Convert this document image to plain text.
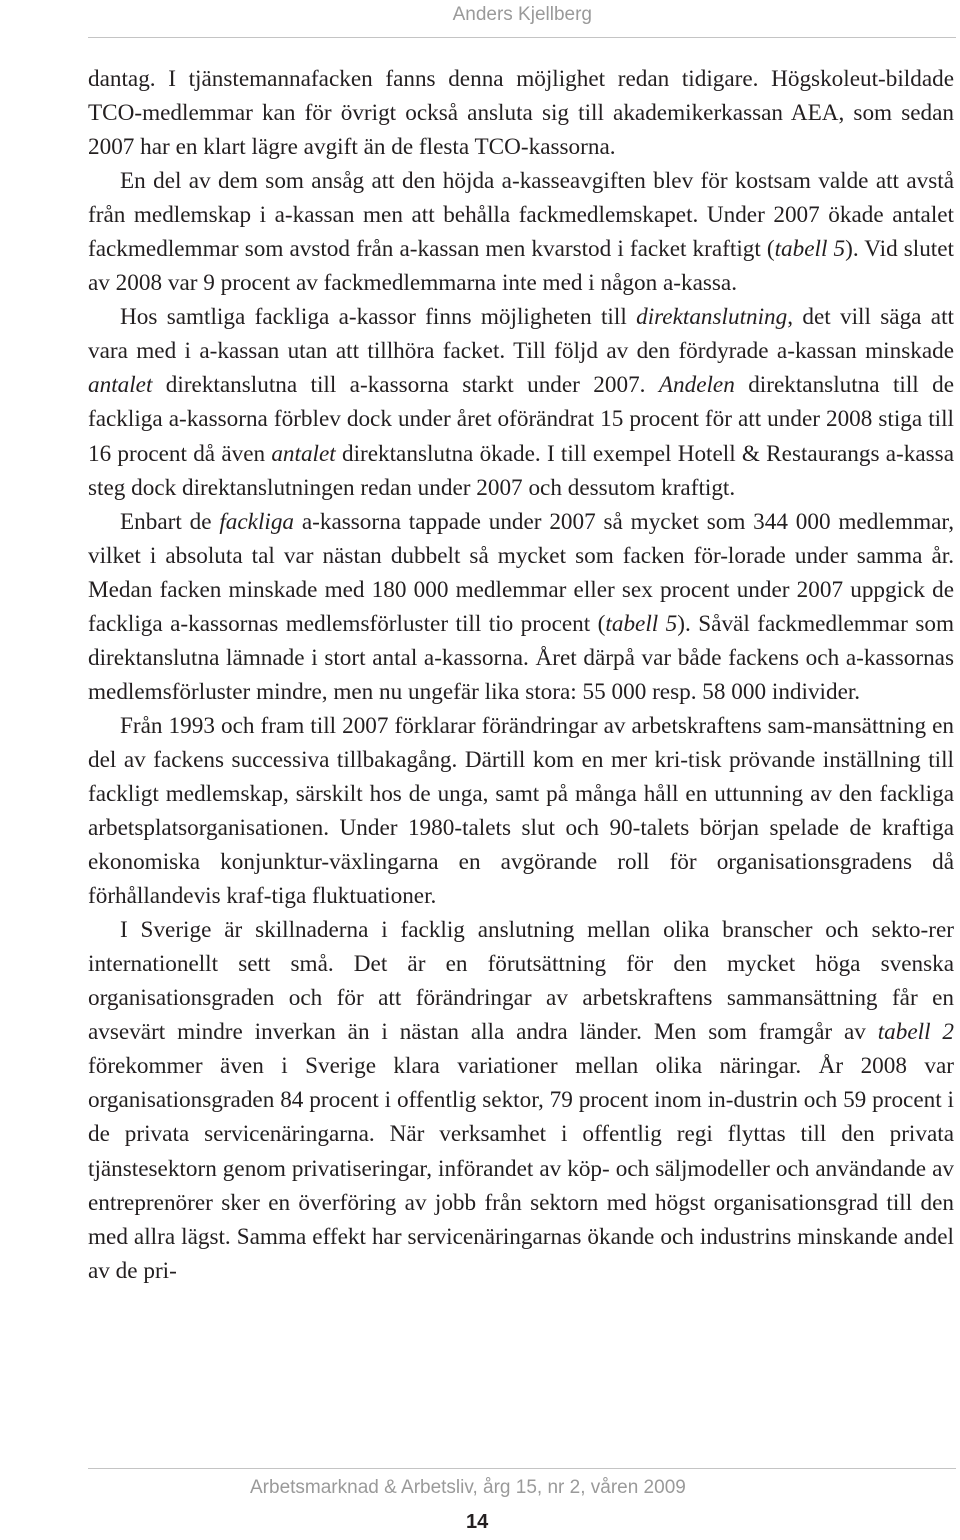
Anders Kjellberg

dantag. I tjänstemannafacken fanns denna möjlighet redan tidigare. Högskoleut-bildade TCO-medlemmar kan för övrigt också ansluta sig till akademikerkassan AEA, som sedan 2007 har en klart lägre avgift än de flesta TCO-kassorna.

En del av dem som ansåg att den höjda a-kasseavgiften blev för kostsam valde att avstå från medlemskap i a-kassan men att behålla fackmedlemskapet. Under 2007 ökade antalet fackmedlemmar som avstod från a-kassan men kvarstod i facket kraftigt (tabell 5). Vid slutet av 2008 var 9 procent av fackmedlemmarna inte med i någon a-kassa.

Hos samtliga fackliga a-kassor finns möjligheten till direktanslutning, det vill säga att vara med i a-kassan utan att tillhöra facket. Till följd av den fördyrade a-kassan minskade antalet direktanslutna till a-kassorna starkt under 2007. Andelen direktanslutna till de fackliga a-kassorna förblev dock under året oförändrat 15 procent för att under 2008 stiga till 16 procent då även antalet direktanslutna ökade. I till exempel Hotell & Restaurangs a-kassa steg dock direktanslutningen redan under 2007 och dessutom kraftigt.

Enbart de fackliga a-kassorna tappade under 2007 så mycket som 344 000 medlemmar, vilket i absoluta tal var nästan dubbelt så mycket som facken för-lorade under samma år. Medan facken minskade med 180 000 medlemmar eller sex procent under 2007 uppgick de fackliga a-kassornas medlemsförluster till tio procent (tabell 5). Såväl fackmedlemmar som direktanslutna lämnade i stort antal a-kassorna. Året därpå var både fackens och a-kassornas medlemsförluster mindre, men nu ungefär lika stora: 55 000 resp. 58 000 individer.

Från 1993 och fram till 2007 förklarar förändringar av arbetskraftens sam-mansättning en del av fackens successiva tillbakagång. Därtill kom en mer kri-tisk prövande inställning till fackligt medlemskap, särskilt hos de unga, samt på många håll en uttunning av den fackliga arbetsplatsorganisationen. Under 1980-talets slut och 90-talets början spelade de kraftiga ekonomiska konjunktur-växlingarna en avgörande roll för organisationsgradens då förhållandevis kraf-tiga fluktuationer.

I Sverige är skillnaderna i facklig anslutning mellan olika branscher och sekto-rer internationellt sett små. Det är en förutsättning för den mycket höga svenska organisationsgraden och för att förändringar av arbetskraftens sammansättning får en avsevärt mindre inverkan än i nästan alla andra länder. Men som framgår av tabell 2 förekommer även i Sverige klara variationer mellan olika näringar. År 2008 var organisationsgraden 84 procent i offentlig sektor, 79 procent inom in-dustrin och 59 procent i de privata servicenäringarna. När verksamhet i offentlig regi flyttas till den privata tjänstesektorn genom privatiseringar, införandet av köp- och säljmodeller och användande av entreprenörer sker en överföring av jobb från sektorn med högst organisationsgrad till den med allra lägst. Samma effekt har servicenäringarnas ökande och industrins minskande andel av de pri-

Arbetsmarknad & Arbetsliv, årg 15, nr 2, våren 2009
14
